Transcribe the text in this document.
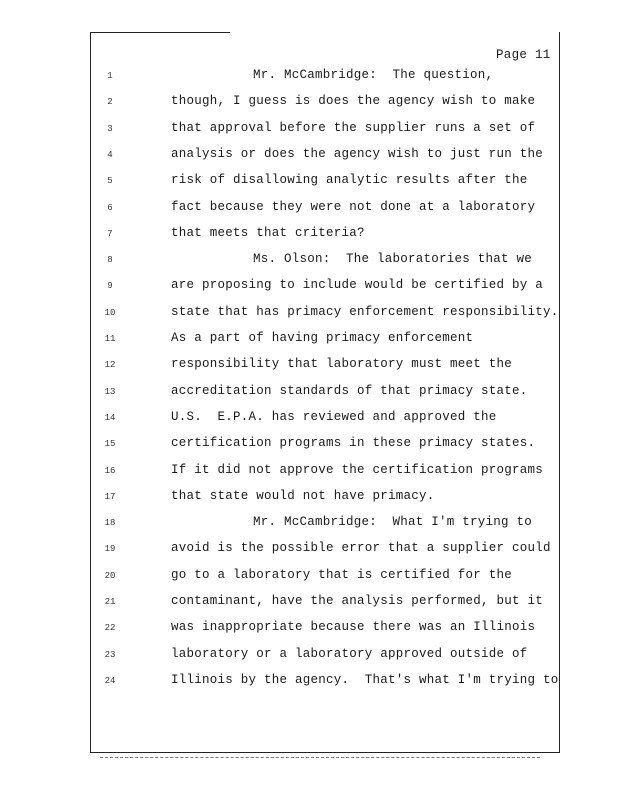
Page 11
1	Mr. McCambridge:  The question,
2	though, I guess is does the agency wish to make
3	that approval before the supplier runs a set of
4	analysis or does the agency wish to just run the
5	risk of disallowing analytic results after the
6	fact because they were not done at a laboratory
7	that meets that criteria?
8	Ms. Olson:  The laboratories that we
9	are proposing to include would be certified by a
10	state that has primacy enforcement responsibility.
11	As a part of having primacy enforcement
12	responsibility that laboratory must meet the
13	accreditation standards of that primacy state.
14	U.S.  E.P.A. has reviewed and approved the
15	certification programs in these primacy states.
16	If it did not approve the certification programs
17	that state would not have primacy.
18	Mr. McCambridge:  What I'm trying to
19	avoid is the possible error that a supplier could
20	go to a laboratory that is certified for the
21	contaminant, have the analysis performed, but it
22	was inappropriate because there was an Illinois
23	laboratory or a laboratory approved outside of
24	Illinois by the agency.  That's what I'm trying to
